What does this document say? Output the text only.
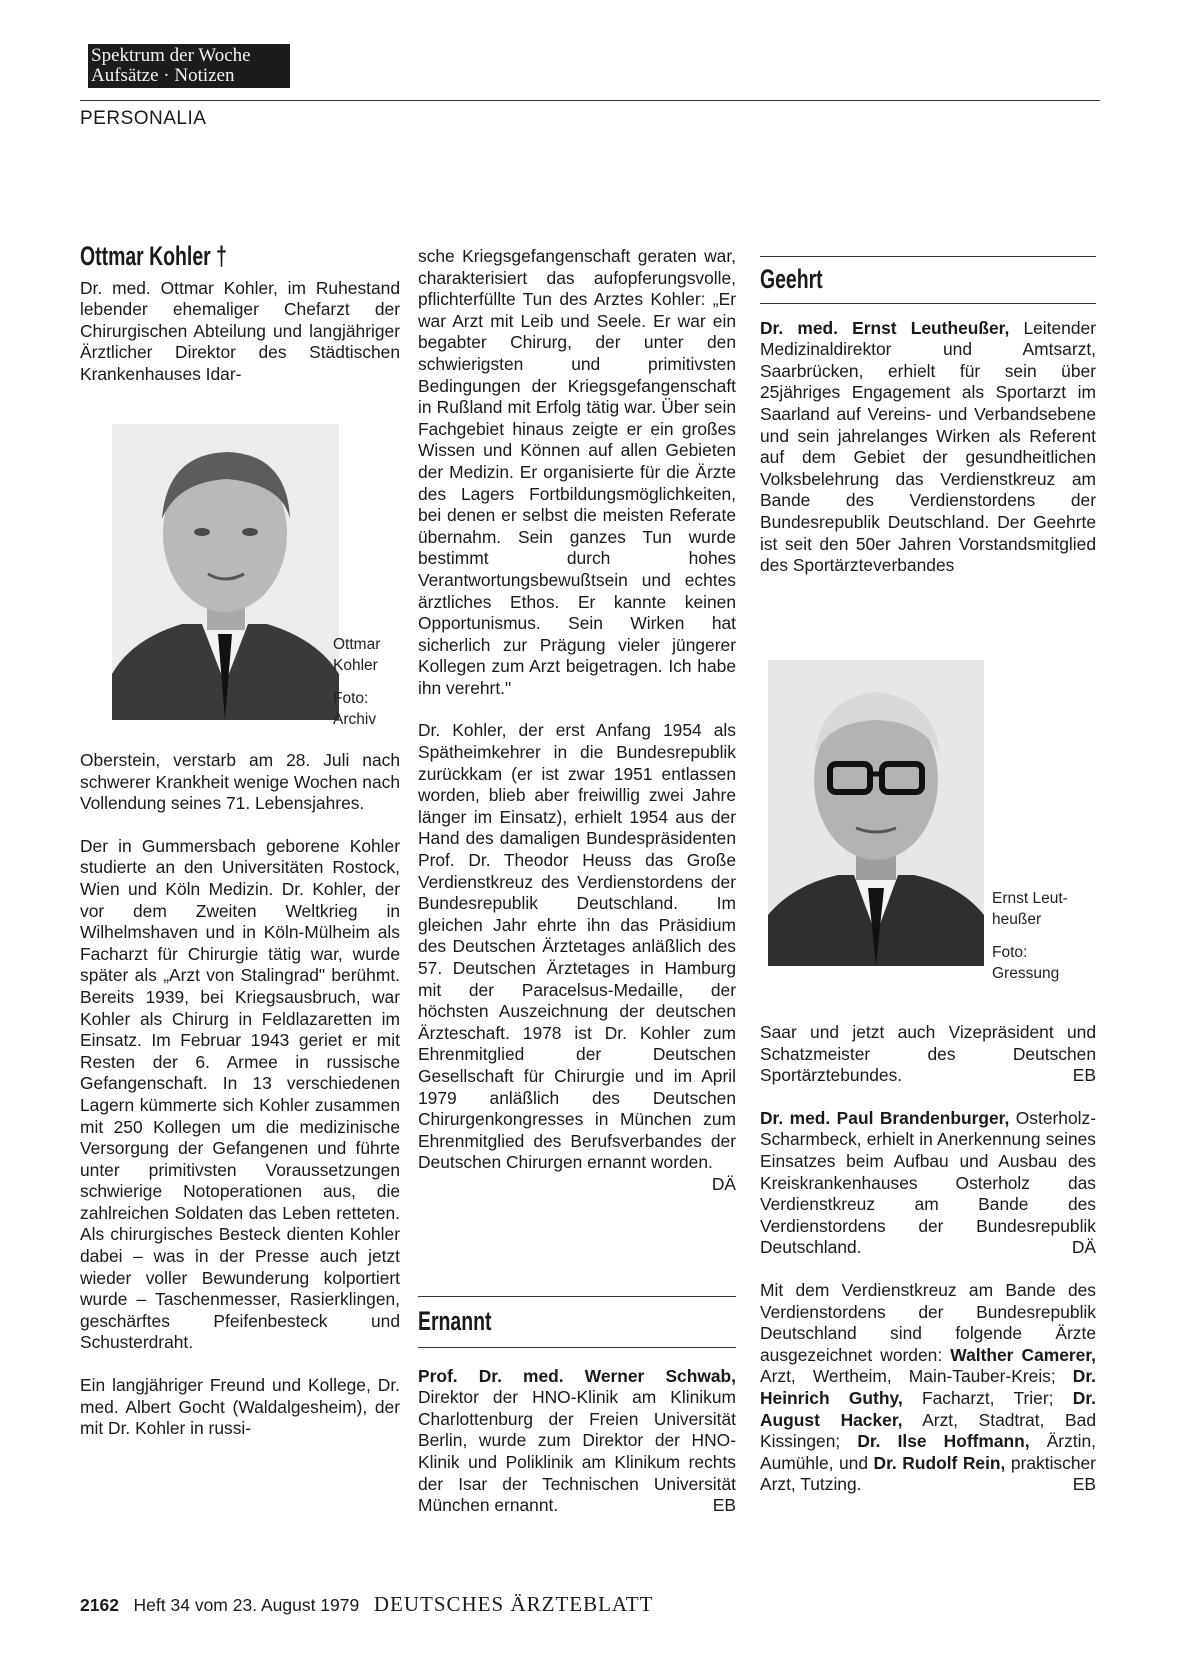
Spektrum der Woche
Aufsätze · Notizen
PERSONALIA
Ottmar Kohler †

Dr. med. Ottmar Kohler, im Ruhestand lebender ehemaliger Chefarzt der Chirurgischen Abteilung und langjähriger Ärztlicher Direktor des Städtischen Krankenhauses Idar-

Ottmar
Kohler
Foto:
Archiv

Oberstein, verstarb am 28. Juli nach schwerer Krankheit wenige Wochen nach Vollendung seines 71. Lebensjahres.

Der in Gummersbach geborene Kohler studierte an den Universitäten Rostock, Wien und Köln Medizin. Dr. Kohler, der vor dem Zweiten Weltkrieg in Wilhelmshaven und in Köln-Mülheim als Facharzt für Chirurgie tätig war, wurde später als „Arzt von Stalingrad" berühmt. Bereits 1939, bei Kriegsausbruch, war Kohler als Chirurg in Feldlazaretten im Einsatz. Im Februar 1943 geriet er mit Resten der 6. Armee in russische Gefangenschaft. In 13 verschiedenen Lagern kümmerte sich Kohler zusammen mit 250 Kollegen um die medizinische Versorgung der Gefangenen und führte unter primitivsten Voraussetzungen schwierige Notoperationen aus, die zahlreichen Soldaten das Leben retteten. Als chirurgisches Besteck dienten Kohler dabei – was in der Presse auch jetzt wieder voller Bewunderung kolportiert wurde – Taschenmesser, Rasierklingen, geschärftes Pfeifenbesteck und Schusterdraht.

Ein langjähriger Freund und Kollege, Dr. med. Albert Gocht (Waldalgesheim), der mit Dr. Kohler in russi-

sche Kriegsgefangenschaft geraten war, charakterisiert das aufopferungsvolle, pflichterfüllte Tun des Arztes Kohler: „Er war Arzt mit Leib und Seele. Er war ein begabter Chirurg, der unter den schwierigsten und primitivsten Bedingungen der Kriegsgefangenschaft in Rußland mit Erfolg tätig war. Über sein Fachgebiet hinaus zeigte er ein großes Wissen und Können auf allen Gebieten der Medizin. Er organisierte für die Ärzte des Lagers Fortbildungsmöglichkeiten, bei denen er selbst die meisten Referate übernahm. Sein ganzes Tun wurde bestimmt durch hohes Verantwortungsbewußtsein und echtes ärztliches Ethos. Er kannte keinen Opportunismus. Sein Wirken hat sicherlich zur Prägung vieler jüngerer Kollegen zum Arzt beigetragen. Ich habe ihn verehrt."

Dr. Kohler, der erst Anfang 1954 als Spätheimkehrer in die Bundesrepublik zurückkam (er ist zwar 1951 entlassen worden, blieb aber freiwillig zwei Jahre länger im Einsatz), erhielt 1954 aus der Hand des damaligen Bundespräsidenten Prof. Dr. Theodor Heuss das Große Verdienstkreuz des Verdienstordens der Bundesrepublik Deutschland. Im gleichen Jahr ehrte ihn das Präsidium des Deutschen Ärztetages anläßlich des 57. Deutschen Ärztetages in Hamburg mit der Paracelsus-Medaille, der höchsten Auszeichnung der deutschen Ärzteschaft. 1978 ist Dr. Kohler zum Ehrenmitglied der Deutschen Gesellschaft für Chirurgie und im April 1979 anläßlich des Deutschen Chirurgenkongresses in München zum Ehrenmitglied des Berufsverbandes der Deutschen Chirurgen ernannt worden.
DÄ

Ernannt

Prof. Dr. med. Werner Schwab, Direktor der HNO-Klinik am Klinikum Charlottenburg der Freien Universität Berlin, wurde zum Direktor der HNO-Klinik und Poliklinik am Klinikum rechts der Isar der Technischen Universität München ernannt.	EB

Geehrt

Dr. med. Ernst Leutheußer, Leitender Medizinaldirektor und Amtsarzt, Saarbrücken, erhielt für sein über 25jähriges Engagement als Sportarzt im Saarland auf Vereins- und Verbandsebene und sein jahrelanges Wirken als Referent auf dem Gebiet der gesundheitlichen Volksbelehrung das Verdienstkreuz am Bande des Verdienstordens der Bundesrepublik Deutschland. Der Geehrte ist seit den 50er Jahren Vorstandsmitglied des Sportärzteverbandes

Ernst Leut-
heußer
Foto:
Gressung

Saar und jetzt auch Vizepräsident und Schatzmeister des Deutschen Sportärztebundes.	EB

Dr. med. Paul Brandenburger, Osterholz-Scharmbeck, erhielt in Anerkennung seines Einsatzes beim Aufbau und Ausbau des Kreiskrankenhauses Osterholz das Verdienstkreuz am Bande des Verdienstordens der Bundesrepublik Deutschland.	DÄ

Mit dem Verdienstkreuz am Bande des Verdienstordens der Bundesrepublik Deutschland sind folgende Ärzte ausgezeichnet worden: Walther Camerer, Arzt, Wertheim, Main-Tauber-Kreis; Dr. Heinrich Guthy, Facharzt, Trier; Dr. August Hacker, Arzt, Stadtrat, Bad Kissingen; Dr. Ilse Hoffmann, Ärztin, Aumühle, und Dr. Rudolf Rein, praktischer Arzt, Tutzing.	EB

2162 Heft 34 vom 23. August 1979 DEUTSCHES ÄRZTEBLATT
